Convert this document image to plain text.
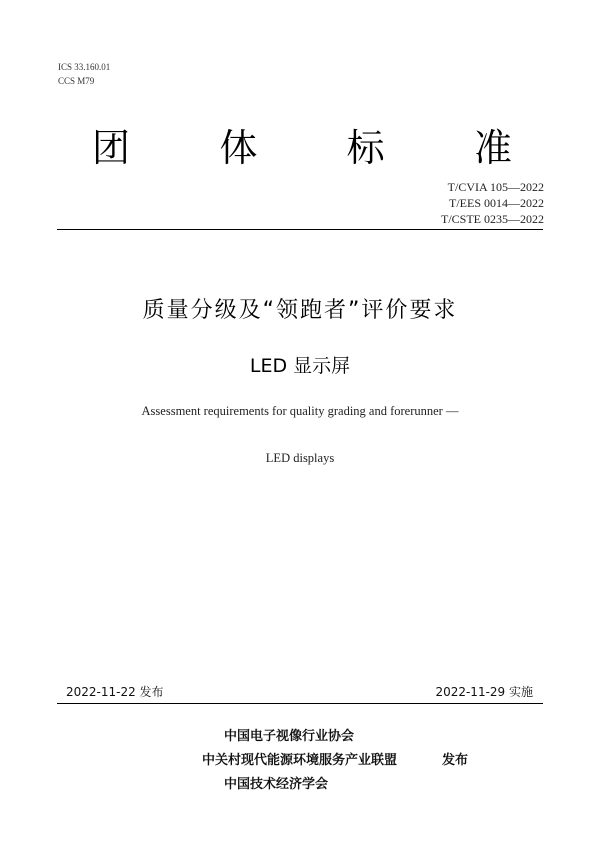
ICS 33.160.01
CCS M79
团 体 标 准
T/CVIA 105—2022
T/EES 0014—2022
T/CSTE 0235—2022
质量分级及“领跑者”评价要求
LED 显示屏
Assessment requirements for quality grading and forerunner —
LED displays
2022-11-22 发布	2022-11-29 实施
中国电子视像行业协会
中关村现代能源环境服务产业联盟
中国技术经济学会
发布
